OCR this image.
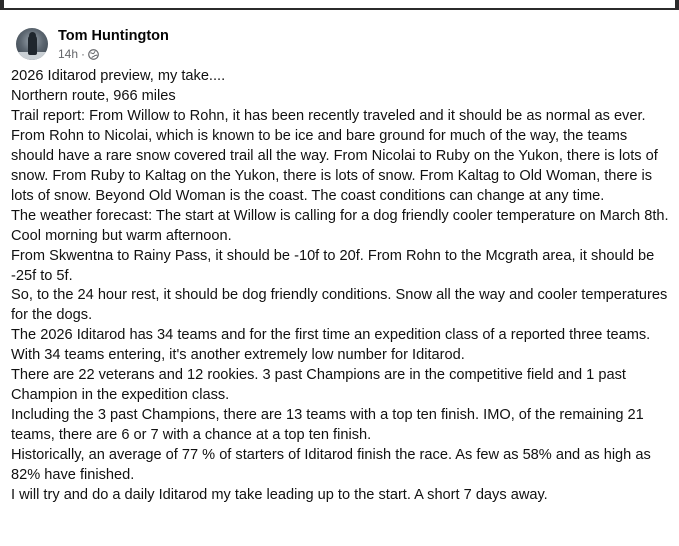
Tom Huntington
14h ·

2026 Iditarod preview, my take....

Northern route, 966 miles

Trail report: From Willow to Rohn, it has been recently traveled and it should be as normal as ever. From Rohn to Nicolai, which is known to be ice and bare ground for much of the way, the teams should have a rare snow covered trail all the way. From Nicolai to Ruby on the Yukon, there is lots of snow. From Ruby to Kaltag on the Yukon, there is lots of snow. From Kaltag to Old Woman, there is lots of snow. Beyond Old Woman is the coast. The coast conditions can change at any time.

The weather forecast: The start at Willow is calling for a dog friendly cooler temperature on March 8th. Cool morning but warm afternoon.

From Skwentna to Rainy Pass, it should be -10f to 20f. From Rohn to the Mcgrath area, it should be -25f to 5f.

So, to the 24 hour rest, it should be dog friendly conditions. Snow all the way and cooler temperatures for the dogs.

The 2026 Iditarod has 34 teams and for the first time an expedition class of a reported three teams.

With 34 teams entering, it's another extremely low number for Iditarod.

There are 22 veterans and 12 rookies. 3 past Champions are in the competitive field and 1 past Champion in the expedition class.

Including the 3 past Champions, there are 13 teams with a top ten finish. IMO, of the remaining 21 teams, there are 6 or 7 with a chance at a top ten finish.

Historically, an average of 77 % of starters of Iditarod finish the race. As few as 58% and as high as 82% have finished.

I will try and do a daily Iditarod my take leading up to the start. A short 7 days away.
